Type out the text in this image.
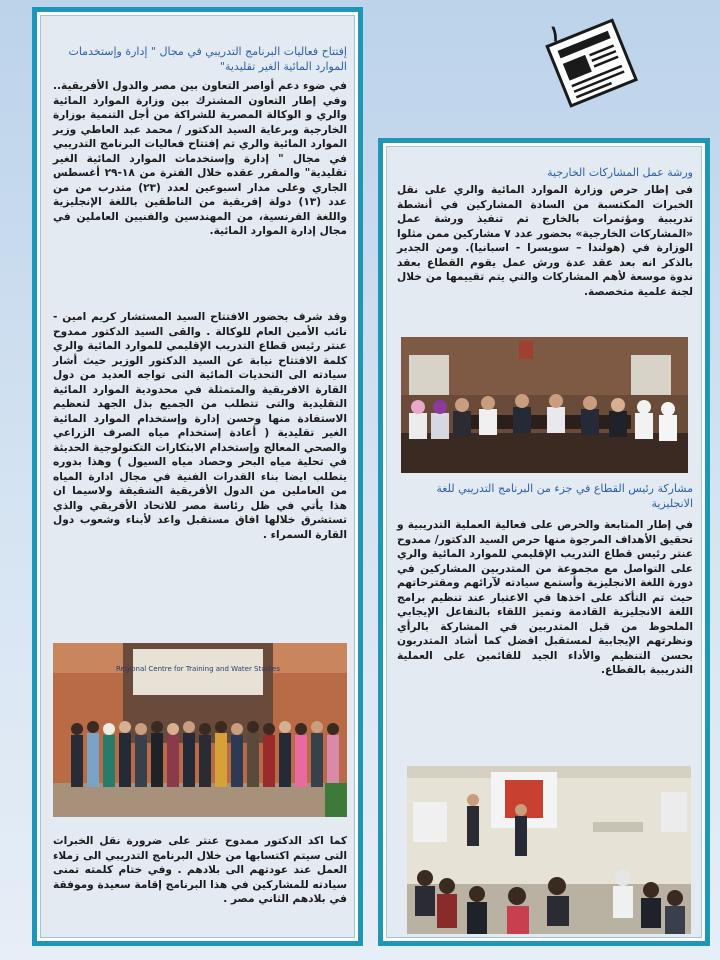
١
إفتتاح فعاليات البرنامج التدريبي في مجال " إدارة وإستخدمات الموارد المائية الغير تقليدية"
في ضوء دعم أواصر التعاون بين مصر والدول الأفريقية.. وفي إطار التعاون المشترك بين وزارة الموارد المائية والري و الوكالة المصرية للشراكة من أجل التنمية بوزارة الخارجية وبرعاية السيد الدكتور / محمد عبد العاطي وزير الموارد المائية والري تم إفتتاح فعاليات البرنامج التدريبي في مجال " إدارة وإستخدمات الموارد المائية الغير تقليدية" والمقرر عقده خلال الفترة من ١٨-٢٩ أغسطس الجاري وعلى مدار اسبوعين لعدد (٢٣) متدرب من من عدد (١٣) دولة إفريقية من الناطقين باللغة الإنجليزية واللغة الفرنسية، من المهندسين والفنيين العاملين في مجال إدارة الموارد المائية.
وقد شرف بحضور الافتتاح السيد المستشار كريم امين - نائب الأمين العام للوكالة . والقى السيد الدكتور ممدوح عنتر رئيس قطاع التدريب الإقليمي للموارد المائية والري كلمة الافتتاح نيابة عن السيد الدكتور الوزير حيث أشار سيادته الى التحديات المائية التى تواجه العديد من دول القارة الافريقية والمتمثلة في محدودية الموارد المائية التقليدية والتى تتطلب من الجميع بذل الجهد لتعظيم الاستفادة منها وحسن إدارة وإستخدام الموارد المائية الغير تقليدية ( أعادة إستخدام مياه الصرف الزراعي والصحي المعالج وإستخدام الابتكارات التكنولوجية الحديثة في تحلية مياه البحر وحصاد مياه السيول ) وهذا بدوره يتطلب ايضا بناء القدرات الفنية في مجال ادارة المياه من العاملين من الدول الأفريقية الشقيقة ولاسيما ان هذا يأتي في ظل رئاسة مصر للاتحاد الأفريقي والذي تستشرق خلالها افاق مستقبل واعد لأبناء وشعوب دول القارة السمراء .
Regional Centre for Training and Water Studies
كما اكد الدكتور ممدوح عنتر على ضرورة نقل الخبرات التى سيتم اكتسابها من خلال البرنامج التدريبي الى زملاء العمل عند عودتهم الى بلادهم . وفي ختام كلمته تمنى سيادته للمشاركين في هذا البرنامج إقامة سعيدة وموفقة في بلادهم الثاني مصر .
ورشة عمل المشاركات الخارجية
فى إطار حرص وزارة الموارد المائية والري على نقل الخبرات المكتسبة من السادة المشاركين في أنشطة تدريبية ومؤتمرات بالخارج تم تنفيذ ورشة عمل «المشاركات الخارجية» بحضور عدد ٧ مشاركين ممن مثلوا الوزارة في (هولندا – سويسرا - اسبانيا). ومن الجدير بالذكر انه بعد عقد عدة ورش عمل يقوم القطاع بعقد ندوة موسعة لأهم المشاركات والتي يتم تقييمها من خلال لجنة علمية متخصصة.
مشاركة رئيس القطاع في جزء من البرنامج التدريبي للغة الانجليزية
في إطار المتابعة والحرص على فعالية العملية التدريبية و تحقيق الأهداف المرجوة منها حرص السيد الدكتور/ ممدوح عنتر رئيس قطاع التدريب الإقليمي للموارد المائية والري على التواصل مع مجموعة من المتدربين المشاركين في دورة اللغة الانجليزية وأستمع سيادته لآرائهم ومقترحاتهم حيث تم التأكد على اخذها في الاعتبار عند تنظيم برامج اللغة الانجليزية القادمة وتميز اللقاء بالتفاعل الإيجابي الملحوظ من قبل المتدربين في المشاركة بالرأي ونظرتهم الإيجابية لمستقبل افضل كما أشاد المتدربون بحسن التنظيم والأداء الجيد للقائمين على العملية التدريبية بالقطاع.
